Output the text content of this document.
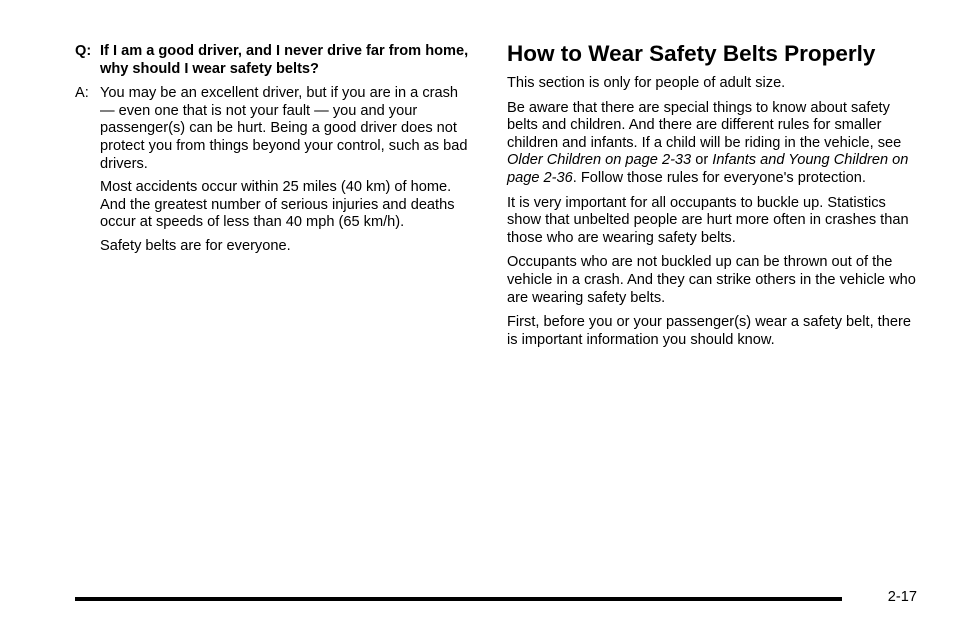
Q: If I am a good driver, and I never drive far from home, why should I wear safety belts?
A: You may be an excellent driver, but if you are in a crash — even one that is not your fault — you and your passenger(s) can be hurt. Being a good driver does not protect you from things beyond your control, such as bad drivers.

Most accidents occur within 25 miles (40 km) of home. And the greatest number of serious injuries and deaths occur at speeds of less than 40 mph (65 km/h).

Safety belts are for everyone.

How to Wear Safety Belts Properly

This section is only for people of adult size.

Be aware that there are special things to know about safety belts and children. And there are different rules for smaller children and infants. If a child will be riding in the vehicle, see Older Children on page 2-33 or Infants and Young Children on page 2-36. Follow those rules for everyone's protection.

It is very important for all occupants to buckle up. Statistics show that unbelted people are hurt more often in crashes than those who are wearing safety belts.

Occupants who are not buckled up can be thrown out of the vehicle in a crash. And they can strike others in the vehicle who are wearing safety belts.

First, before you or your passenger(s) wear a safety belt, there is important information you should know.

2-17
